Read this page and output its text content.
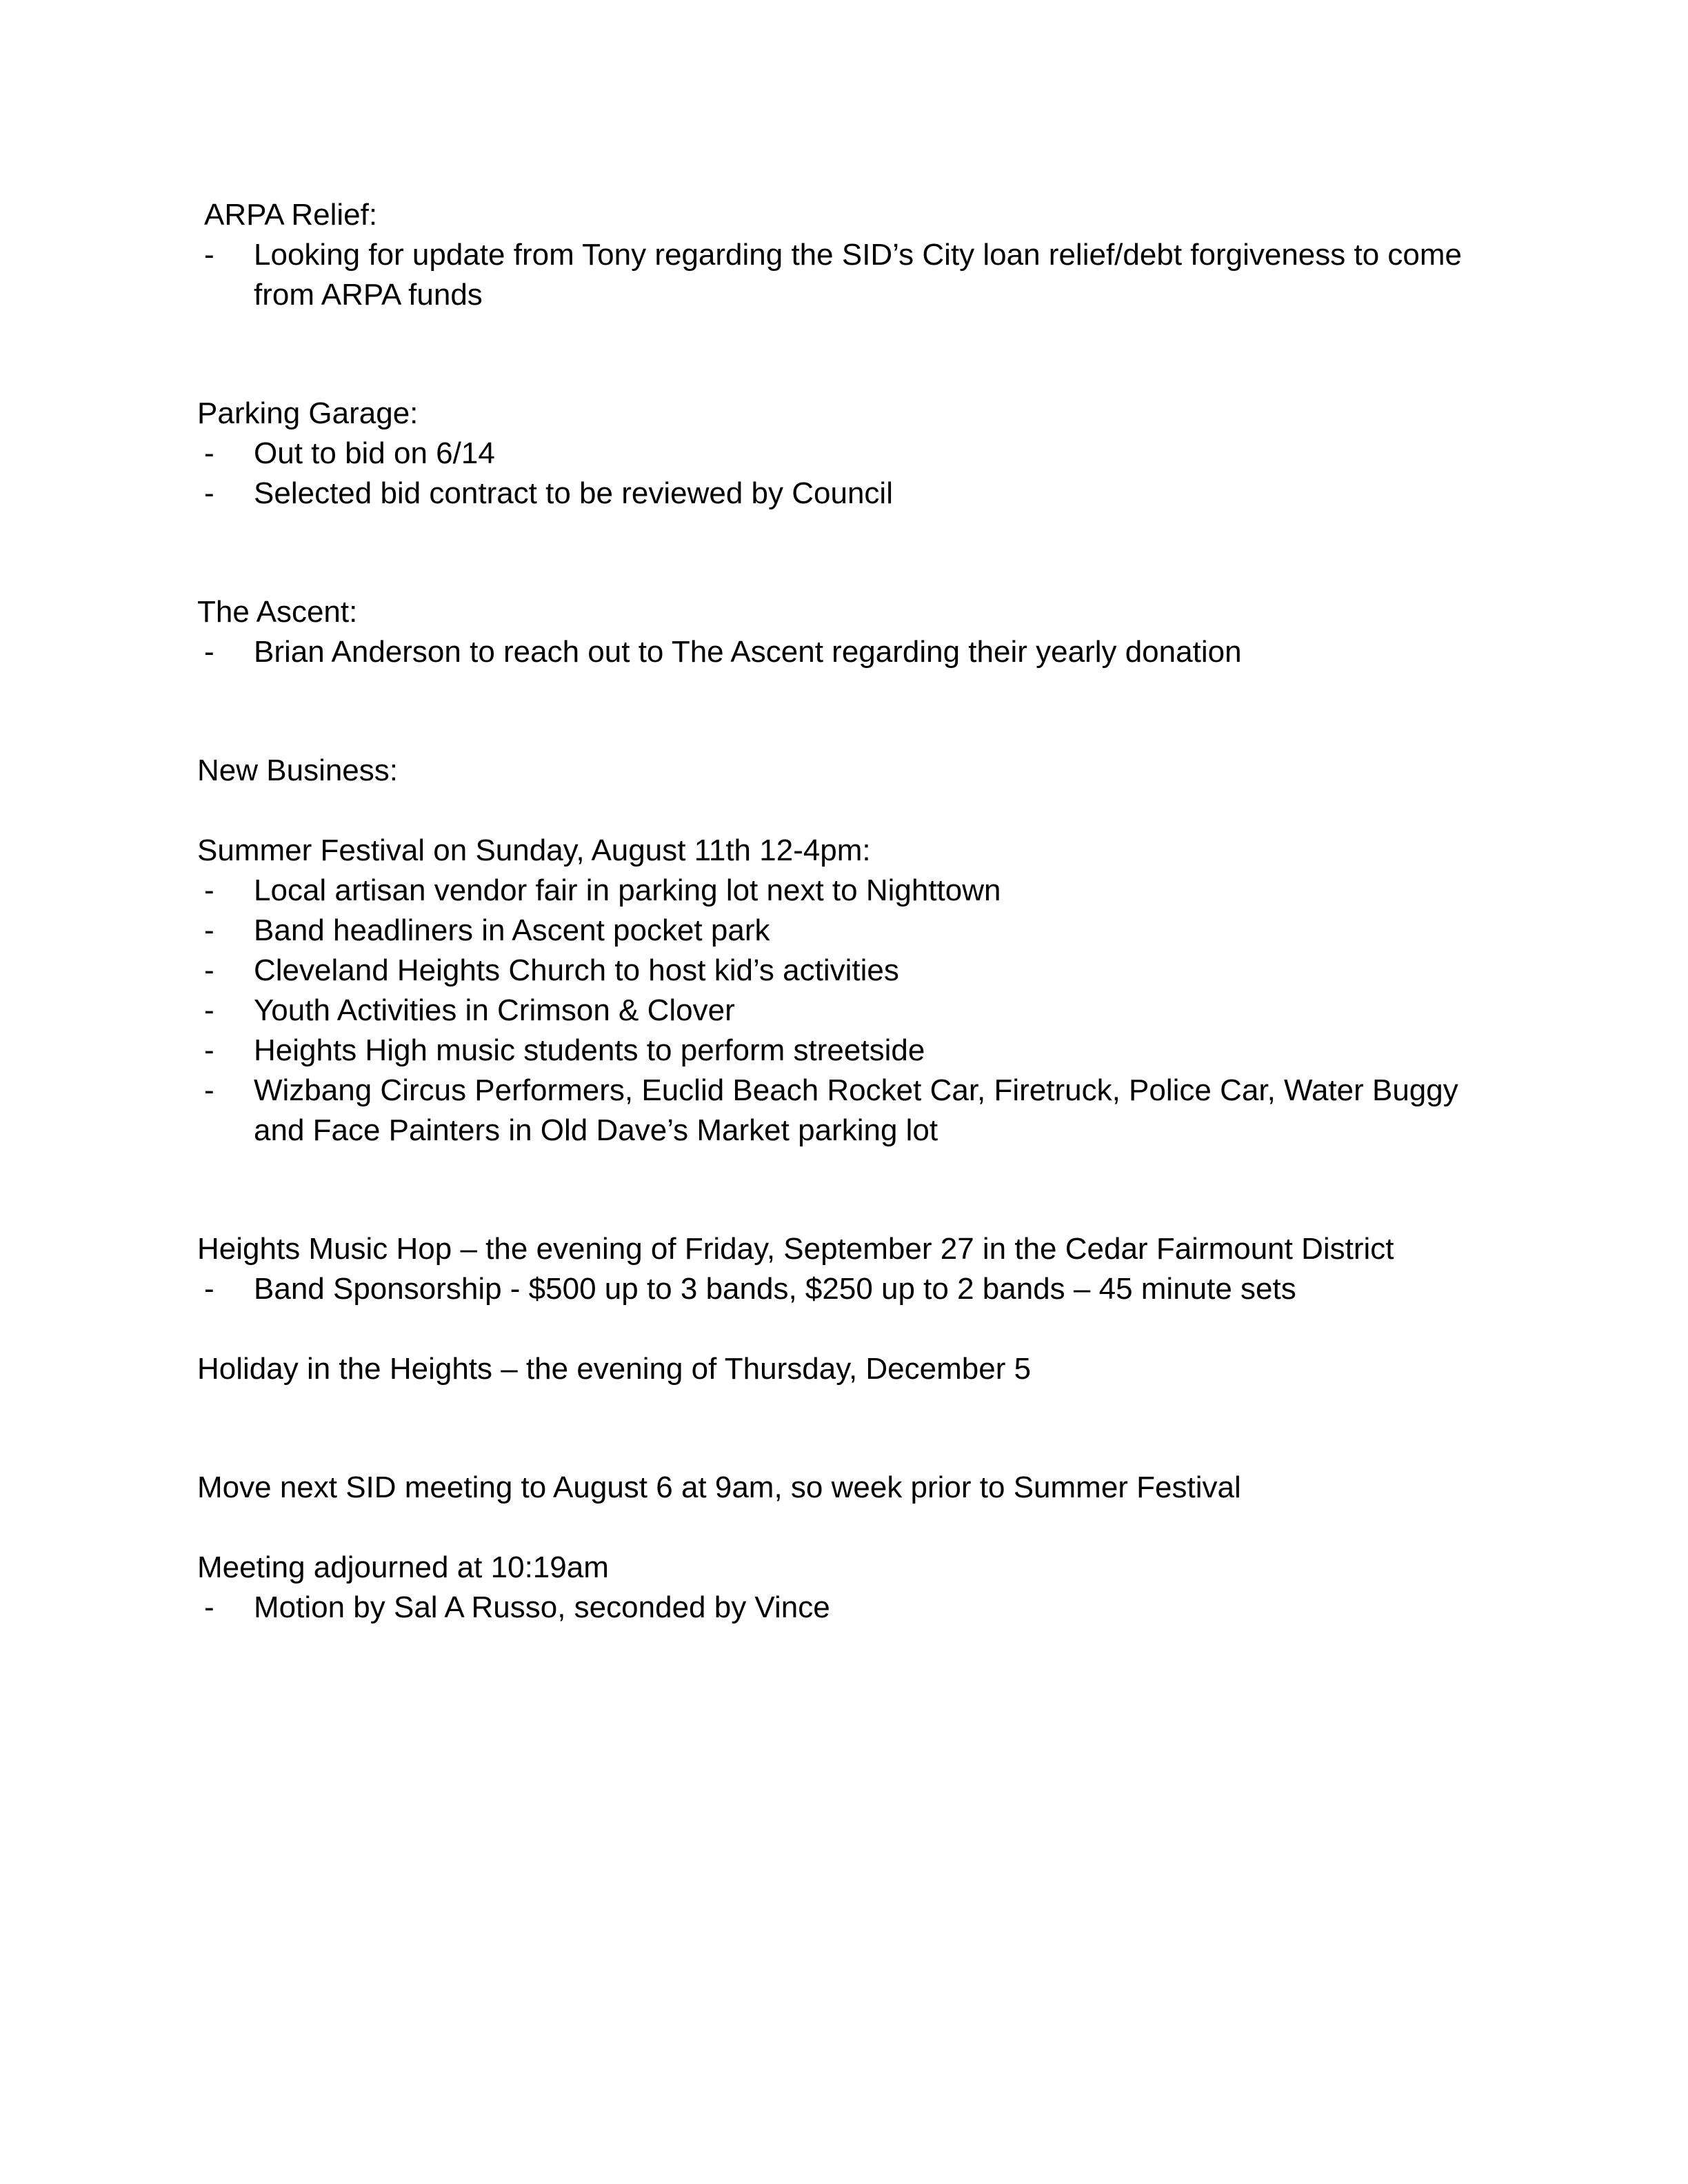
ARPA Relief:
- Looking for update from Tony regarding the SID’s City loan relief/debt forgiveness to come
from ARPA funds
Parking Garage:
- Out to bid on 6/14
- Selected bid contract to be reviewed by Council
The Ascent:
- Brian Anderson to reach out to The Ascent regarding their yearly donation
New Business:
Summer Festival on Sunday, August 11th 12-4pm:
- Local artisan vendor fair in parking lot next to Nighttown
- Band headliners in Ascent pocket park
- Cleveland Heights Church to host kid’s activities
- Youth Activities in Crimson & Clover
- Heights High music students to perform streetside
- Wizbang Circus Performers, Euclid Beach Rocket Car, Firetruck, Police Car, Water Buggy
and Face Painters in Old Dave’s Market parking lot
Heights Music Hop – the evening of Friday, September 27 in the Cedar Fairmount District
- Band Sponsorship - $500 up to 3 bands, $250 up to 2 bands – 45 minute sets
Holiday in the Heights – the evening of Thursday, December 5
Move next SID meeting to August 6 at 9am, so week prior to Summer Festival
Meeting adjourned at 10:19am
- Motion by Sal A Russo, seconded by Vince
